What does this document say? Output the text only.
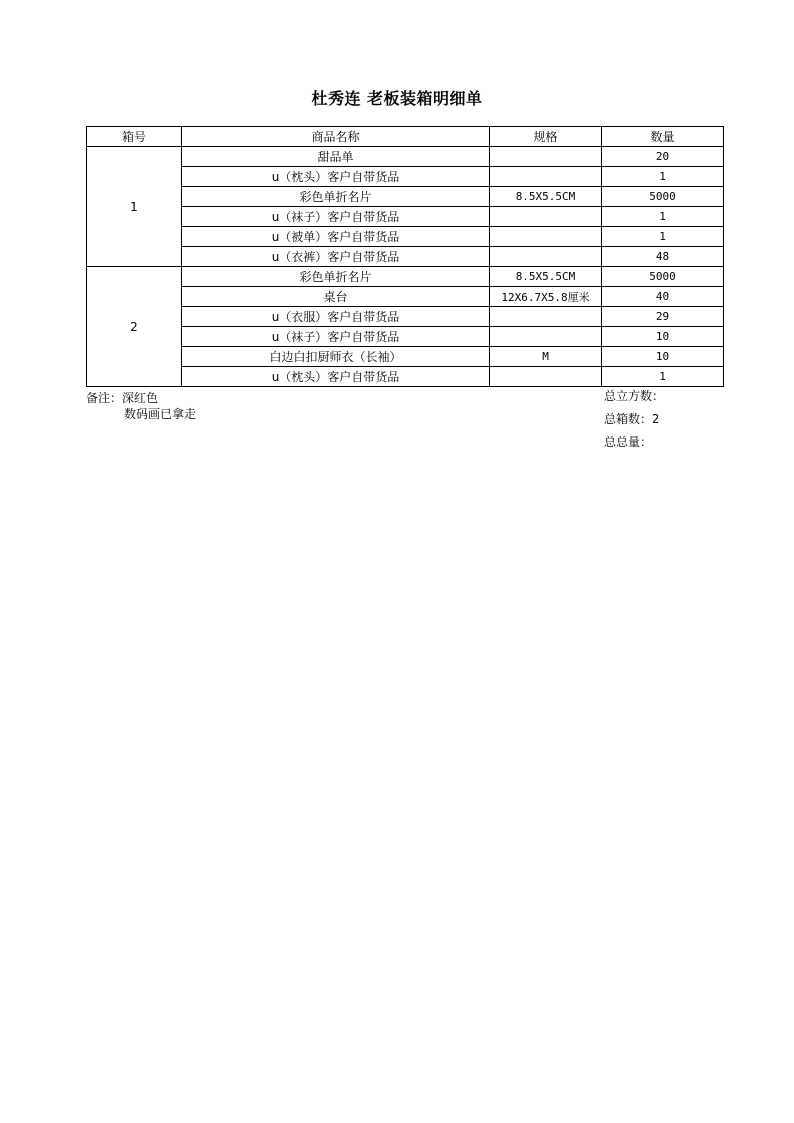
杜秀连 老板装箱明细单
箱号	商品名称	规格	数量
1	甜品单		20
	u（枕头）客户自带货品		1
	彩色单折名片	8.5X5.5CM	5000
	u（袜子）客户自带货品		1
	u（被单）客户自带货品		1
	u（衣裤）客户自带货品		48
2	彩色单折名片	8.5X5.5CM	5000
	桌台	12X6.7X5.8厘米	40
	u（衣服）客户自带货品		29
	u（袜子）客户自带货品		10
	白边白扣厨师衣（长袖）	M	10
	u（枕头）客户自带货品		1
备注：深红色
数码画已拿走
总立方数：
总箱数：2
总总量：
